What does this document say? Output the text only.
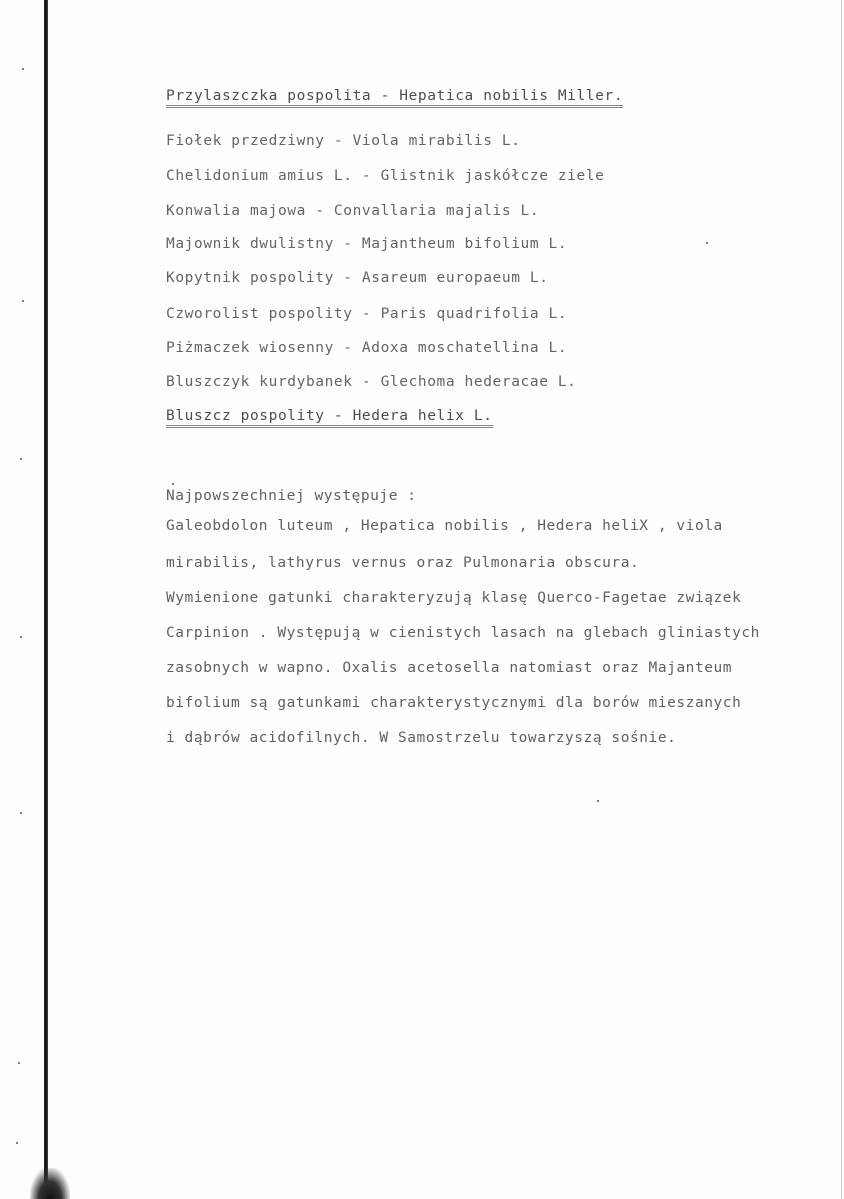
Przylaszczka pospolita - Hepatica nobilis Miller.
Fiołek przedziwny - Viola mirabilis L.
Chelidonium amius L. - Glistnik jaskółcze ziele
Konwalia majowa - Convallaria majalis L.
Majownik dwulistny - Majantheum bifolium L.
Kopytnik pospolity - Asareum europaeum L.
Czworolist pospolity - Paris quadrifolia L.
Piżmaczek wiosenny - Adoxa moschatellina L.
Bluszczyk kurdybanek - Glechoma hederacae L.
Bluszcz pospolity - Hedera helix L.
Najpowszechniej występuje :
Galeobdolon luteum , Hepatica nobilis , Hedera heliX , viola
mirabilis, lathyrus vernus oraz Pulmonaria obscura.
Wymienione gatunki charakteryzują klasę Querco-Fagetae związek
Carpinion . Występują w cienistych lasach na glebach gliniastych
zasobnych w wapno. Oxalis acetosella natomiast oraz Majanteum
bifolium są gatunkami charakterystycznymi dla borów mieszanych
i dąbrów acidofilnych. W Samostrzelu towarzyszą sośnie.
